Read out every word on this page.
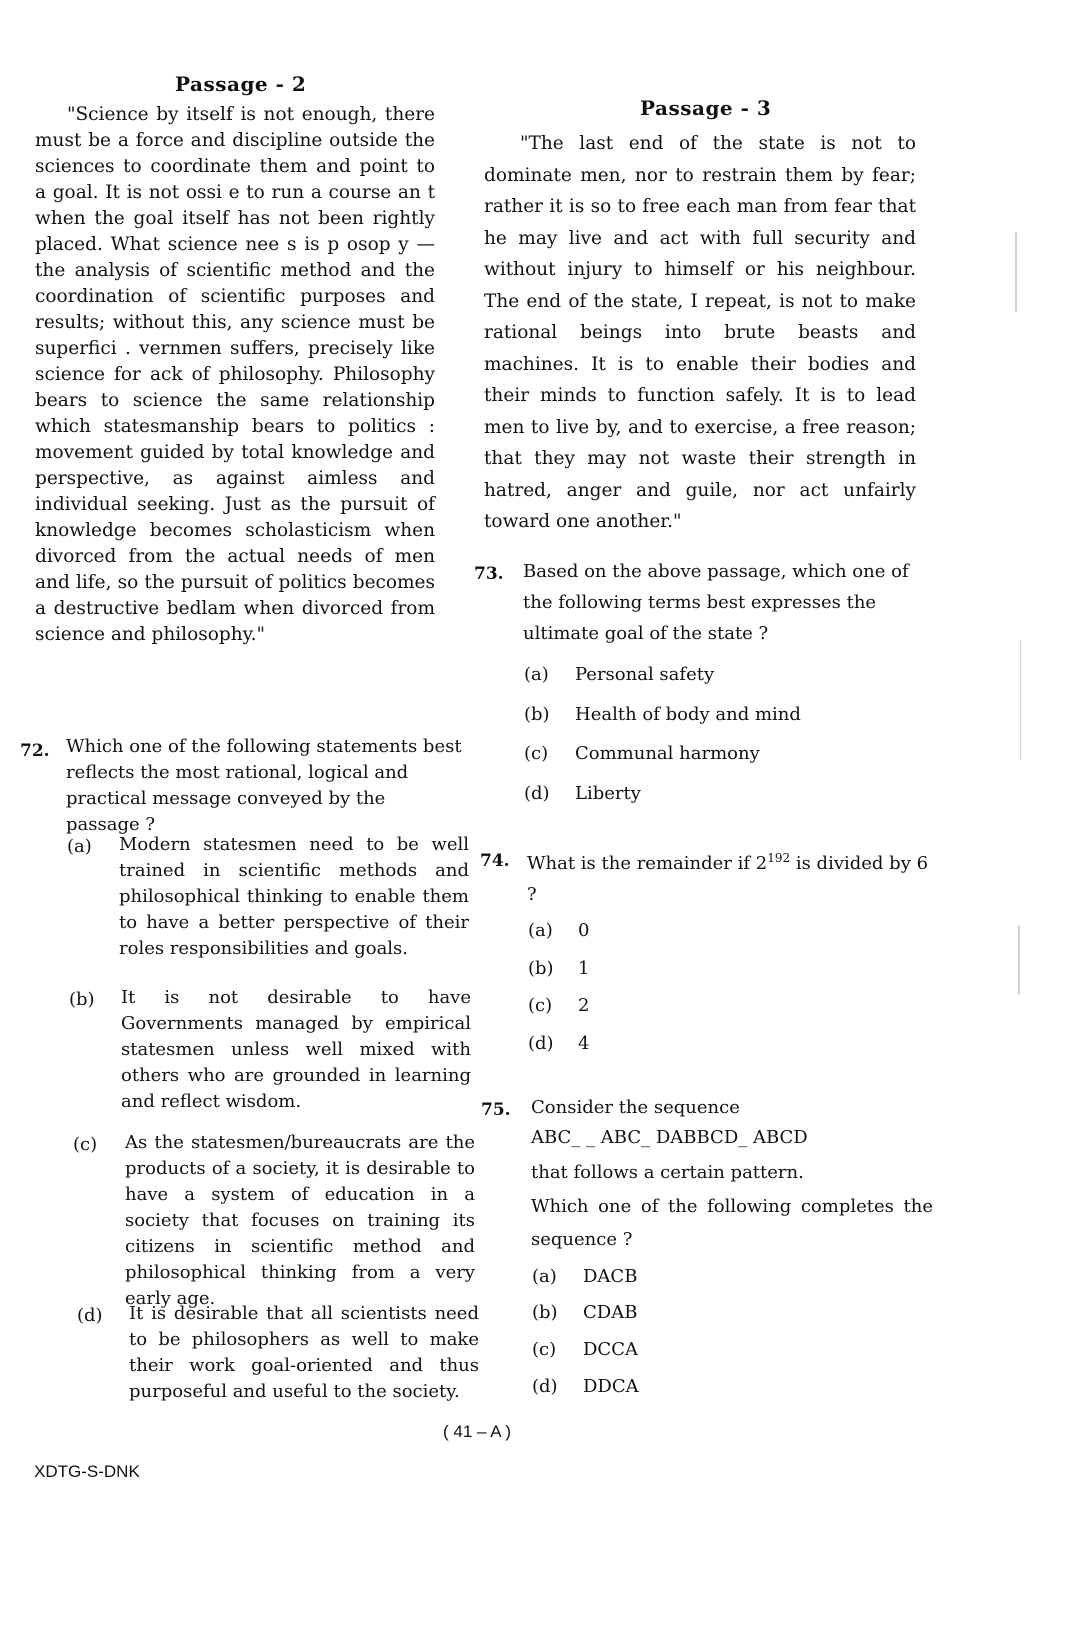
Passage - 2
"Science by itself is not enough, there must be a force and discipline outside the sciences to coordinate them and point to a goal. It is not ossi e to run a course an t when the goal itself has not been rightly placed. What science nee s is p osop y — the analysis of scientific method and the coordination of scientific purposes and results; without this, any science must be superfici . vernmen suffers, precisely like science for ack of philosophy. Philosophy bears to science the same relationship which statesmanship bears to politics : movement guided by total knowledge and perspective, as against aimless and individual seeking. Just as the pursuit of knowledge becomes scholasticism when divorced from the actual needs of men and life, so the pursuit of politics becomes a destructive bedlam when divorced from science and philosophy."
72. Which one of the following statements best reflects the most rational, logical and practical message conveyed by the passage ?
(a) Modern statesmen need to be well trained in scientific methods and philosophical thinking to enable them to have a better perspective of their roles responsibilities and goals.
(b) It is not desirable to have Governments managed by empirical statesmen unless well mixed with others who are grounded in learning and reflect wisdom.
(c) As the statesmen/bureaucrats are the products of a society, it is desirable to have a system of education in a society that focuses on training its citizens in scientific method and philosophical thinking from a very early age.
(d) It is desirable that all scientists need to be philosophers as well to make their work goal-oriented and thus purposeful and useful to the society.
Passage - 3
"The last end of the state is not to dominate men, nor to restrain them by fear; rather it is so to free each man from fear that he may live and act with full security and without injury to himself or his neighbour. The end of the state, I repeat, is not to make rational beings into brute beasts and machines. It is to enable their bodies and their minds to function safely. It is to lead men to live by, and to exercise, a free reason; that they may not waste their strength in hatred, anger and guile, nor act unfairly toward one another."
73. Based on the above passage, which one of the following terms best expresses the ultimate goal of the state ?
(a) Personal safety
(b) Health of body and mind
(c) Communal harmony
(d) Liberty
74. What is the remainder if $2^{192}$ is divided by 6 ?
(a) 0
(b) 1
(c) 2
(d) 4
75. Consider the sequence
ABC_ _ ABC_ DABBCD_ ABCD
that follows a certain pattern.
Which one of the following completes the sequence ?
(a) DACB
(b) CDAB
(c) DCCA
(d) DDCA
( 41 – A )
XDTG-S-DNK
